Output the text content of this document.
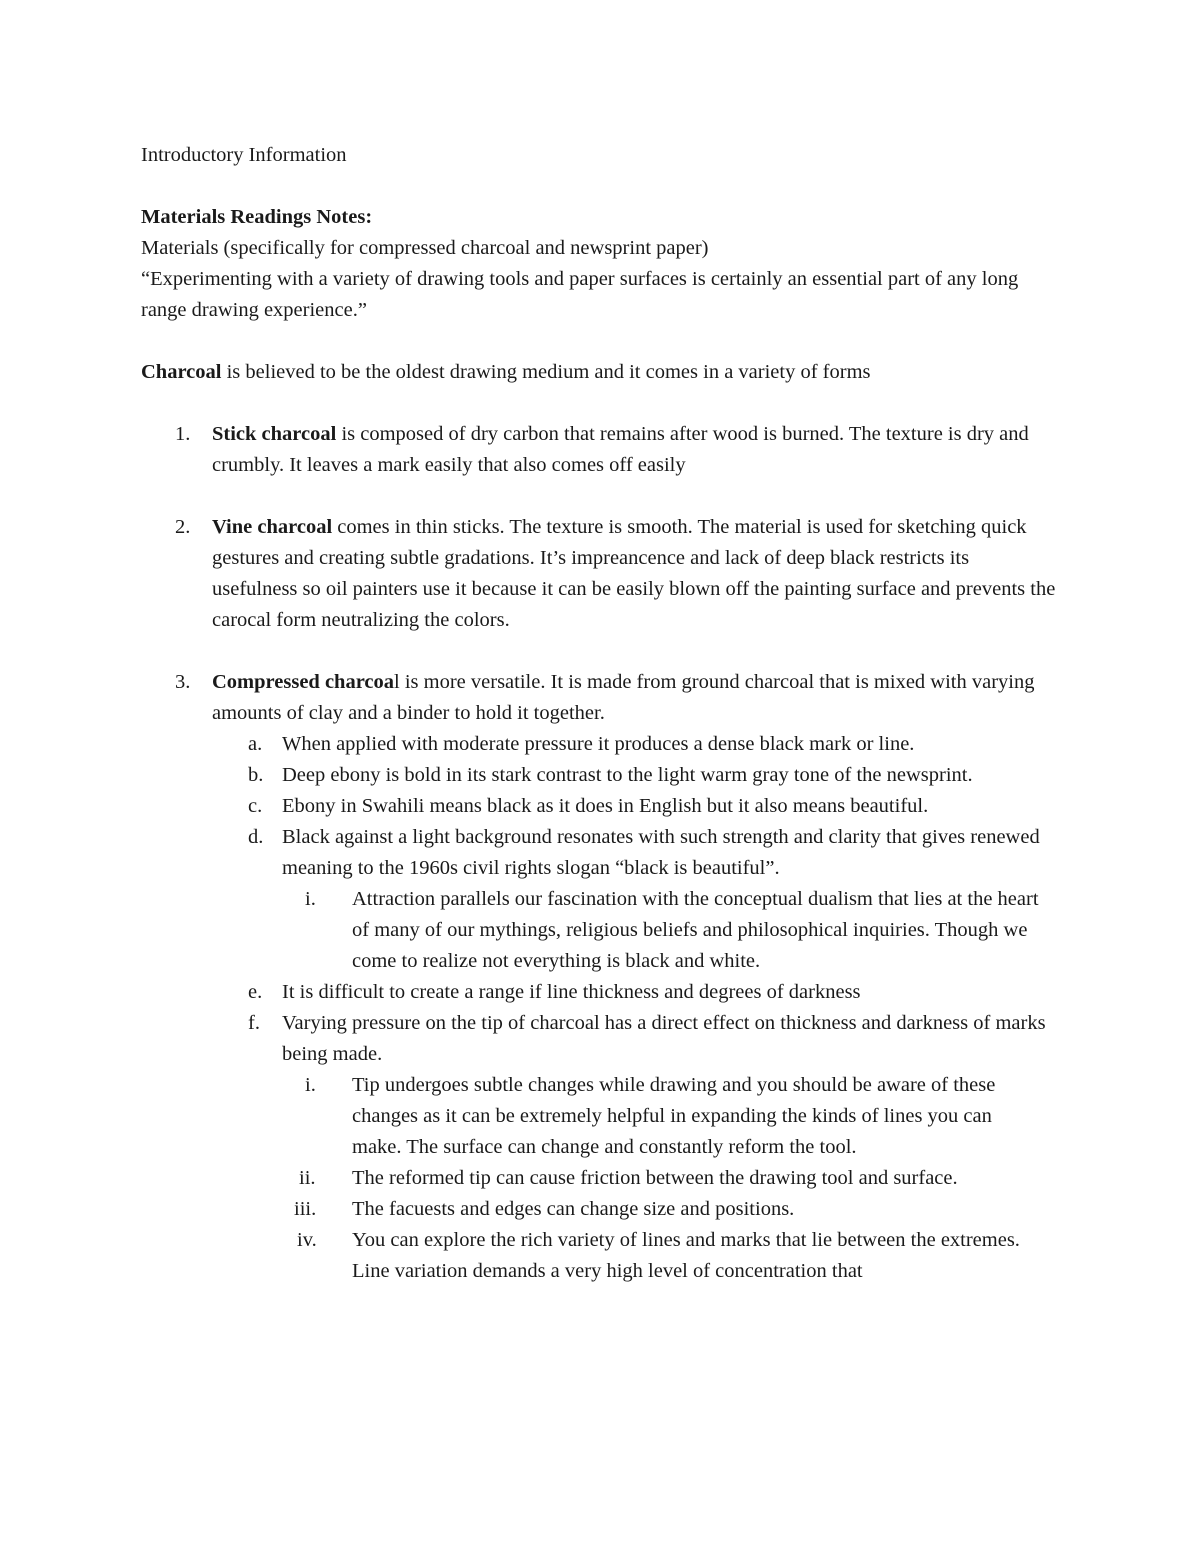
Introductory Information

Materials Readings Notes:

Materials (specifically for compressed charcoal and newsprint paper)

“Experimenting with a variety of drawing tools and paper surfaces is certainly an essential part of any long range drawing experience.”

Charcoal is believed to be the oldest drawing medium and it comes in a variety of forms

1. Stick charcoal is composed of dry carbon that remains after wood is burned. The texture is dry and crumbly. It leaves a mark easily that also comes off easily
2. Vine charcoal comes in thin sticks. The texture is smooth. The material is used for sketching quick gestures and creating subtle gradations. It’s impreancence and lack of deep black restricts its usefulness so oil painters use it because it can be easily blown off the painting surface and prevents the carocal form neutralizing the colors.
3. Compressed charcoal is more versatile. It is made from ground charcoal that is mixed with varying amounts of clay and a binder to hold it together.
a. When applied with moderate pressure it produces a dense black mark or line.
b. Deep ebony is bold in its stark contrast to the light warm gray tone of the newsprint.
c. Ebony in Swahili means black as it does in English but it also means beautiful.
d. Black against a light background resonates with such strength and clarity that gives renewed meaning to the 1960s civil rights slogan “black is beautiful”.
i. Attraction parallels our fascination with the conceptual dualism that lies at the heart of many of our mythings, religious beliefs and philosophical inquiries. Though we come to realize not everything is black and white.
e. It is difficult to create a range if line thickness and degrees of darkness
f. Varying pressure on the tip of charcoal has a direct effect on thickness and darkness of marks being made.
i. Tip undergoes subtle changes while drawing and you should be aware of these changes as it can be extremely helpful in expanding the kinds of lines you can make. The surface can change and constantly reform the tool.
ii. The reformed tip can cause friction between the drawing tool and surface.
iii. The facuests and edges can change size and positions.
iv. You can explore the rich variety of lines and marks that lie between the extremes. Line variation demands a very high level of concentration that
